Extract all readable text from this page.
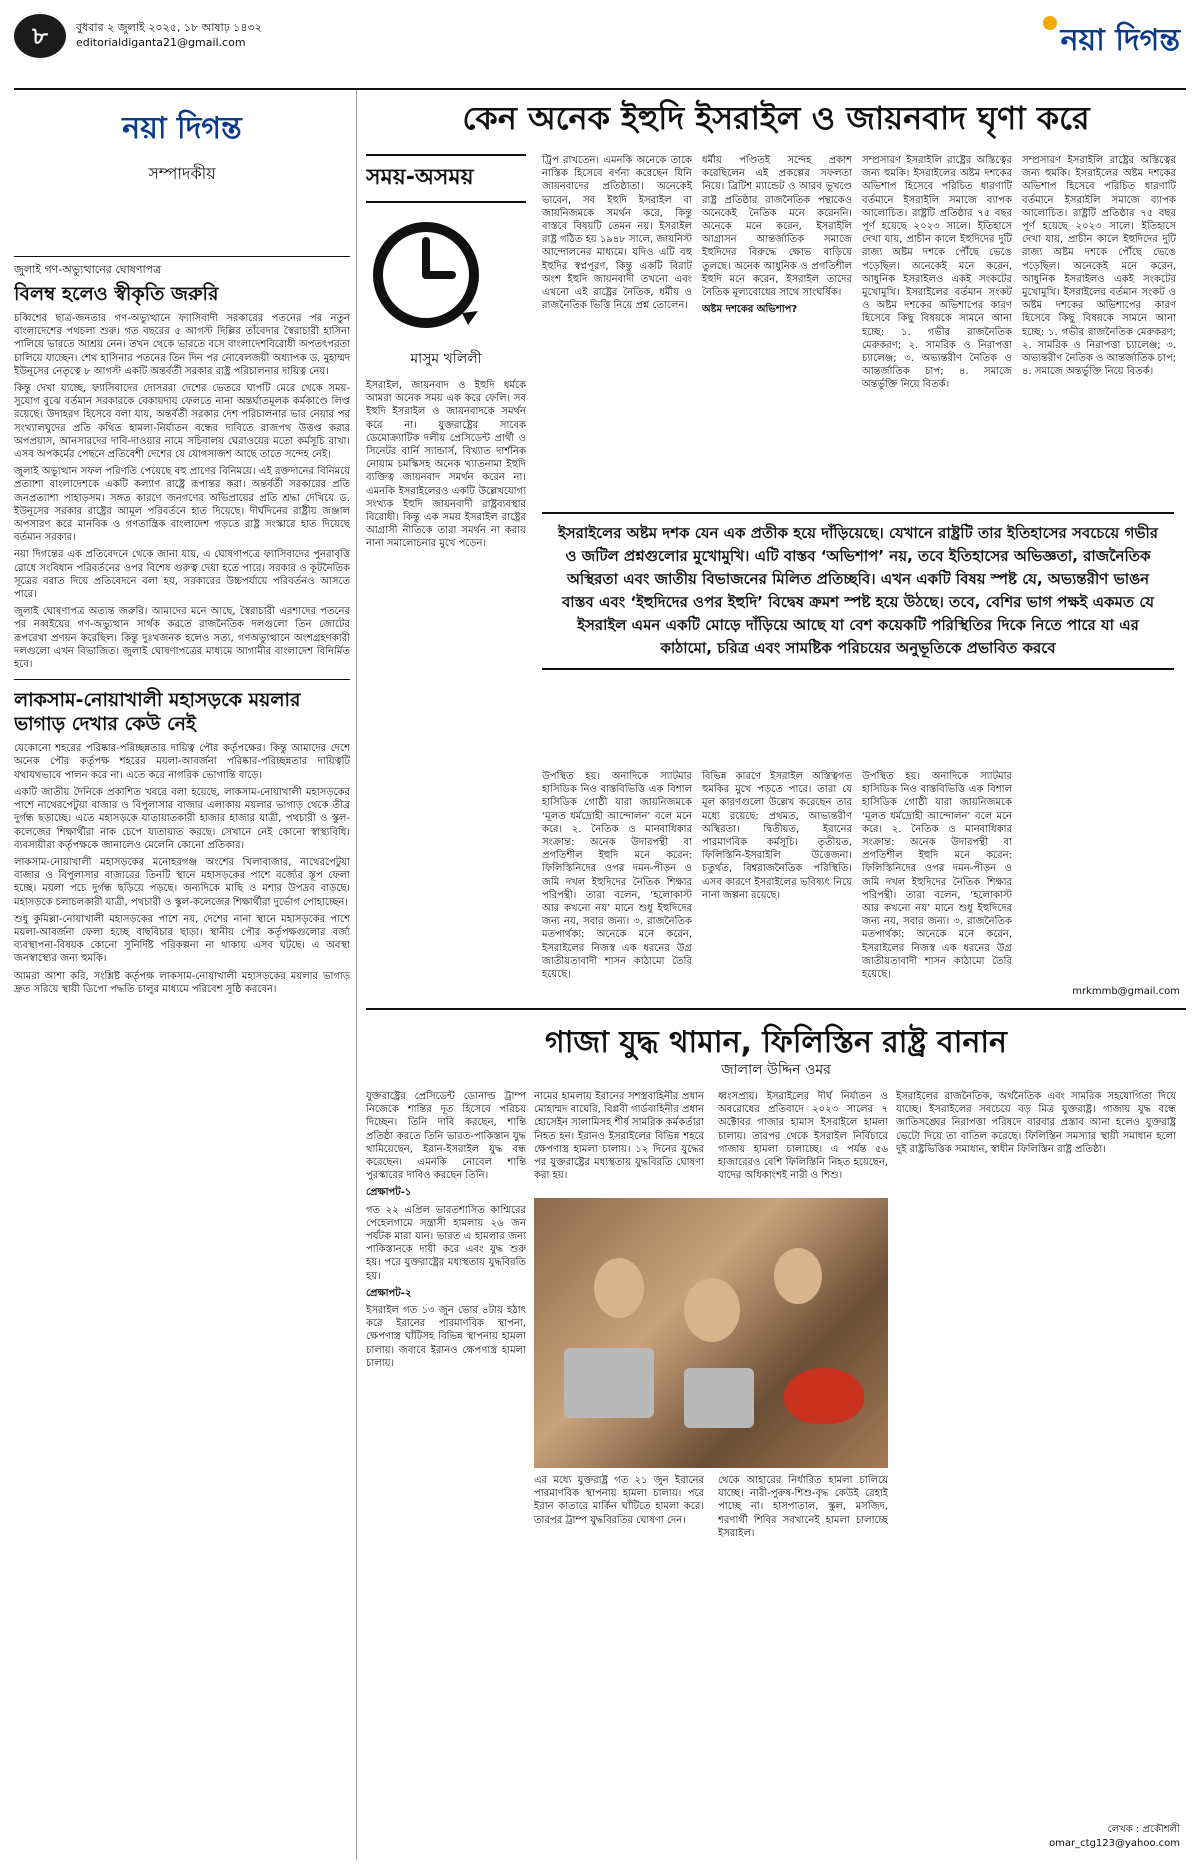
৮	বুধবার ২ জুলাই ২০২৫, ১৮ আষাঢ় ১৪৩২
editorialdiganta21@gmail.com	নয়া দিগন্ত
নয়া দিগন্ত
সম্পাদকীয়
জুলাই গণ-অভ্যুত্থানের ঘোষণাপত্র
বিলম্ব হলেও স্বীকৃতি জরুরি

চব্বিশের ছাত্র-জনতার গণ-অভ্যুত্থানে ফ্যাসিবাদী সরকারের পতনের পর নতুন বাংলাদেশের পথচলা শুরু। গত বছরের ৫ আগস্ট দিল্লির তাঁবেদার স্বৈরাচারী হাসিনা পালিয়ে ভারতে আশ্রয় নেন। তখন থেকে ভারতে বসে বাংলাদেশবিরোধী অপতৎপরতা চালিয়ে যাচ্ছেন। শেখ হাসিনার পতনের তিন দিন পর নোবেলজয়ী অধ্যাপক ড. মুহাম্মদ ইউনূসের নেতৃত্বে ৮ আগস্ট একটি অন্তর্বর্তী সরকার রাষ্ট্র পরিচালনার দায়িত্ব নেয়।

কিন্তু দেখা যাচ্ছে, ফ্যাসিবাদের দোসররা দেশের ভেতরে ঘাপটি মেরে থেকে সময়-সুযোগ বুঝে বর্তমান সরকারকে বেকায়দায় ফেলতে নানা অন্তর্ঘাতমূলক কর্মকাণ্ডে লিপ্ত রয়েছে। উদাহরণ হিসেবে বলা যায়, অন্তর্বর্তী সরকার দেশ পরিচালনার ভার নেয়ার পর সংখ্যালঘুদের প্রতি কথিত হামলা-নির্যাতন বন্ধের দাবিতে রাজপথ উত্তপ্ত করার অপপ্রয়াস, আনসারদের দাবি-দাওয়ার নামে সচিবালয় ঘেরাওয়ের মতো কর্মসূচি রাখা। এসব অপকর্মের পেছনে প্রতিবেশী দেশের যে যোগসাজশ আছে তাতে সন্দেহ নেই।

জুলাই অভ্যুত্থান সফল পরিণতি পেয়েছে বহু প্রাণের বিনিময়ে। এই রক্তদানের বিনিময়ে প্রত্যাশা বাংলাদেশকে একটি কল্যাণ রাষ্ট্রে রূপান্তর করা। অন্তর্বর্তী সরকারের প্রতি জনপ্রত্যাশা পাহাড়সম। সঙ্গত কারণে জনগণের অভিপ্রায়ের প্রতি শ্রদ্ধা দেখিয়ে ড. ইউনূসের সরকার রাষ্ট্রের আমূল পরিবর্তনে হাত দিয়েছে। দীর্ঘদিনের রাষ্ট্রীয় জঞ্জাল অপসারণ করে মানবিক ও গণতান্ত্রিক বাংলাদেশ গড়তে রাষ্ট্র সংস্কারে হাত দিয়েছে বর্তমান সরকার।

নয়া দিগন্তের এক প্রতিবেদনে থেকে জানা যায়, এ ঘোষণাপত্রে ফ্যাসিবাদের পুনরাবৃত্তি রোধে সংবিধান পরিবর্তনের ওপর বিশেষ গুরুত্ব দেয়া হতে পারে। সরকার ও কূটনৈতিক সূত্রের বরাত দিয়ে প্রতিবেদনে বলা হয়, সরকারের উচ্চপর্যায়ে পরিবর্তনও আসতে পারে।

জুলাই ঘোষণাপত্র অত্যন্ত জরুরি। আমাদের মনে আছে, স্বৈরাচারী এরশাদের পতনের পর নব্বইয়ের গণ-অভ্যুত্থান সার্থক করতে রাজনৈতিক দলগুলো তিন জোটের রূপরেখা প্রণয়ন করেছিল। কিন্তু দুঃখজনক হলেও সত্য, গণঅভ্যুত্থানে অংশগ্রহণকারী দলগুলো এখন বিভাজিত। জুলাই ঘোষণাপত্রের মাধ্যমে আগামীর বাংলাদেশ বিনির্মিত হবে।

লাকসাম-নোয়াখালী মহাসড়কে ময়লার ভাগাড় দেখার কেউ নেই

যেকোনো শহরের পরিষ্কার-পরিচ্ছন্নতার দায়িত্ব পৌর কর্তৃপক্ষের। কিন্তু আমাদের দেশে অনেক পৌর কর্তৃপক্ষ শহরের ময়লা-আবর্জনা পরিষ্কার-পরিচ্ছন্নতার দায়িত্বটি যথাযথভাবে পালন করে না। এতে করে নাগরিক ভোগান্তি বাড়ে।

একটি জাতীয় দৈনিকে প্রকাশিত খবরে বলা হয়েছে, লাকসাম-নোয়াখালী মহাসড়কের পাশে নাথেরপেটুয়া বাজার ও বিপুলাসার বাজার এলাকায় ময়লার ভাগাড় থেকে তীব্র দুর্গন্ধ ছড়াচ্ছে। এতে মহাসড়কে যাতায়াতকারী হাজার হাজার যাত্রী, পথচারী ও স্কুল-কলেজের শিক্ষার্থীরা নাক চেপে যাতায়াত করছে। সেখানে নেই কোনো স্বাস্থ্যবিধি। ব্যবসায়ীরা কর্তৃপক্ষকে জানালেও মেলেনি কোনো প্রতিকার।

লাকসাম-নোয়াখালী মহাসড়কের মনোহরগঞ্জ অংশের খিলাবাজার, নাথেরপেটুয়া বাজার ও বিপুলাসার বাজারের তিনটি স্থানে মহাসড়কের পাশে বর্জ্যের স্তূপ ফেলা হচ্ছে। ময়লা পচে দুর্গন্ধ ছড়িয়ে পড়ছে। অন্যদিকে মাছি ও মশার উপদ্রব বাড়ছে। মহাসড়কে চলাচলকারী যাত্রী, পথচারী ও স্কুল-কলেজের শিক্ষার্থীরা দুর্ভোগ পোহাচ্ছেন।

শুধু কুমিল্লা-নোয়াখালী মহাসড়কের পাশে নয়, দেশের নানা স্থানে মহাসড়কের পাশে ময়লা-আবর্জনা ফেলা হচ্ছে বাছবিচার ছাড়া। স্থানীয় পৌর কর্তৃপক্ষগুলোর বর্জ্য ব্যবস্থাপনা-বিষয়ক কোনো সুনির্দিষ্ট পরিকল্পনা না থাকায় এসব ঘটছে। এ অবস্থা জনস্বাস্থ্যের জন্য হুমকি।

আমরা আশা করি, সংশ্লিষ্ট কর্তৃপক্ষ লাকসাম-নোয়াখালী মহাসড়কের ময়লার ভাগাড় দ্রুত সরিয়ে স্থায়ী ডিপো পদ্ধতি চালুর মাধ্যমে পরিবেশ সুষ্ঠি করবেন।

কেন অনেক ইহুদি ইসরাইল ও জায়নবাদ ঘৃণা করে
সময়-অসময়
মাসুম খলিলী

ইসরাইল, জায়নবাদ ও ইহুদি ধর্মকে আমরা অনেক সময় এক করে ফেলি। সব ইহুদি ইসরাইল ও জায়নবাদকে সমর্থন করে না। যুক্তরাষ্ট্রের সাবেক ডেমোক্র্যাটিক দলীয় প্রেসিডেন্ট প্রার্থী ও সিনেটর বার্নি স্যান্ডার্স, বিখ্যাত দার্শনিক নোয়াম চমস্কিসহ অনেক খ্যাতনামা ইহুদি ব্যক্তিত্ব জায়নবাদ সমর্থন করেন না। এমনকি ইসরাইলেরও একটি উল্লেখযোগ্য সংখ্যক ইহুদি জায়নবাদী রাষ্ট্রব্যবস্থার বিরোধী। কিন্তু এক সময় ইসরাইল রাষ্ট্রের আগ্রাসী নীতিকে তারা সমর্থন না করায় নানা সমালোচনার মুখে পড়েন।

ট্রিপ রাখতেন। এমনকি অনেকে তাকে নাস্তিক হিসেবে বর্ণনা করেছেন যিনি জায়নবাদের প্রতিষ্ঠাতা। অনেকেই ভাবেন, সব ইহুদি ইসরাইল বা জায়নিজমকে সমর্থন করে, কিন্তু বাস্তবে বিষয়টি তেমন নয়। ইসরাইল রাষ্ট্র গঠিত হয় ১৯৪৮ সালে, জায়নিস্ট আন্দোলনের মাধ্যমে। যদিও এটি বহু ইহুদির স্বপ্নপূরণ, কিন্তু একটি বিরাট অংশ ইহুদি জায়নবাদী তখনো এবং এখনো এই রাষ্ট্রের নৈতিক, ধর্মীয় ও রাজনৈতিক ভিত্তি নিয়ে প্রশ্ন তোলেন।

ধর্মীয় পণ্ডিতই সন্দেহ প্রকাশ করেছিলেন এই প্রকল্পের সফলতা নিয়ে। ব্রিটিশ ম্যান্ডেট ও আরব ভূখণ্ডে রাষ্ট্র প্রতিষ্ঠার রাজনৈতিক পন্থাকেও অনেকেই নৈতিক মনে করেননি। অনেকে মনে করেন, ইসরাইলি আগ্রাসন আন্তর্জাতিক সমাজে ইহুদিদের বিরুদ্ধে ক্ষোভ বাড়িয়ে তুলছে। অনেক আধুনিক ও প্রগতিশীল ইহুদি মনে করেন, ইসরাইল তাদের নৈতিক মূল্যবোধের সাথে সাংঘর্ষিক।

অষ্টম দশকের অভিশাপ?

সম্প্রসারণ ইসরাইলি রাষ্ট্রের অস্তিত্বের জন্য হুমকি। ইসরাইলের অষ্টম দশকের অভিশাপ হিসেবে পরিচিত ধারণাটি বর্তমানে ইসরাইলি সমাজে ব্যাপক আলোচিত। রাষ্ট্রটি প্রতিষ্ঠার ৭৫ বছর পূর্ণ হয়েছে ২০২৩ সালে। ইতিহাসে দেখা যায়, প্রাচীন কালে ইহুদিদের দুটি রাজ্য অষ্টম দশকে পৌঁছে ভেঙে পড়েছিল। অনেকেই মনে করেন, আধুনিক ইসরাইলও একই সংকটের মুখোমুখি। ইসরাইলের বর্তমান সংকট ও অষ্টম দশকের অভিশাপের কারণ হিসেবে কিছু বিষয়কে সামনে আনা হচ্ছে: ১. গভীর রাজনৈতিক মেরুকরণ; ২. সামরিক ও নিরাপত্তা চ্যালেঞ্জ; ৩. অভ্যন্তরীণ নৈতিক ও আন্তর্জাতিক চাপ; ৪. সমাজে অন্তর্ভুক্তি নিয়ে বিতর্ক।

সম্প্রসারণ ইসরাইলি রাষ্ট্রের অস্তিত্বের জন্য হুমকি। ইসরাইলের অষ্টম দশকের অভিশাপ হিসেবে পরিচিত ধারণাটি বর্তমানে ইসরাইলি সমাজে ব্যাপক আলোচিত। রাষ্ট্রটি প্রতিষ্ঠার ৭৫ বছর পূর্ণ হয়েছে ২০২৩ সালে। ইতিহাসে দেখা যায়, প্রাচীন কালে ইহুদিদের দুটি রাজ্য অষ্টম দশকে পৌঁছে ভেঙে পড়েছিল। অনেকেই মনে করেন, আধুনিক ইসরাইলও একই সংকটের মুখোমুখি। ইসরাইলের বর্তমান সংকট ও অষ্টম দশকের অভিশাপের কারণ হিসেবে কিছু বিষয়কে সামনে আনা হচ্ছে: ১. গভীর রাজনৈতিক মেরুকরণ; ২. সামরিক ও নিরাপত্তা চ্যালেঞ্জ; ৩. অভ্যন্তরীণ নৈতিক ও আন্তর্জাতিক চাপ; ৪. সমাজে অন্তর্ভুক্তি নিয়ে বিতর্ক।

ইসরাইলের অষ্টম দশক যেন এক প্রতীক হয়ে দাঁড়িয়েছে। যেখানে রাষ্ট্রটি তার ইতিহাসের সবচেয়ে গভীর ও জটিল প্রশ্নগুলোর মুখোমুখি। এটি বাস্তব ‘অভিশাপ’ নয়, তবে ইতিহাসের অভিজ্ঞতা, রাজনৈতিক অস্থিরতা এবং জাতীয় বিভাজনের মিলিত প্রতিচ্ছবি। এখন একটি বিষয় স্পষ্ট যে, অভ্যন্তরীণ ভাঙন বাস্তব এবং ‘ইহুদিদের ওপর ইহুদি’ বিদ্বেষ ক্রমশ স্পষ্ট হয়ে উঠছে। তবে, বেশির ভাগ পক্ষই একমত যে ইসরাইল এমন একটি মোড়ে দাঁড়িয়ে আছে যা বেশ কয়েকটি পরিস্থিতির দিকে নিতে পারে যা এর কাঠামো, চরিত্র এবং সামষ্টিক পরিচয়ের অনুভূতিকে প্রভাবিত করবে

উপস্থিত হয়। অনাদিকে স্যাটমার হাসিডিক নিও বাস্তবিভিত্তি এক বিশাল হাসিডিক গোষ্ঠী যারা জায়নিজমকে ‘মূলত ধর্মদ্রোহী আন্দোলন’ বলে মনে করে। ২. নৈতিক ও মানবাধিকার সংক্রান্ত: অনেক উদারপন্থী বা প্রগতিশীল ইহুদি মনে করেন: ফিলিস্তিনিদের ওপর দমন-পীড়ন ও জমি দখল ইহুদিদের নৈতিক শিক্ষার পরিপন্থী। তারা বলেন, ‘হলোকাস্ট আর কখনো নয়’ মানে শুধু ইহুদিদের জন্য নয়, সবার জন্য। ৩. রাজনৈতিক মতপার্থক্য: অনেকে মনে করেন, ইসরাইলের নিজস্ব এক ধরনের উগ্র জাতীয়তাবাদী শাসন কাঠামো তৈরি হয়েছে।

বিভিন্ন কারণে ইসরাইল অস্তিত্বগত হুমকির মুখে পড়তে পারে। তারা যে মূল কারণগুলো উল্লেখ করেছেন তার মধ্যে রয়েছে: প্রথমত, আভ্যন্তরীণ অস্থিরতা। দ্বিতীয়ত, ইরানের পারমাণবিক কর্মসূচি। তৃতীয়ত, ফিলিস্তিনি-ইসরাইলি উত্তেজনা। চতুর্থত, বিশ্বরাজনৈতিক পরিস্থিতি। এসব কারণে ইসরাইলের ভবিষ্যৎ নিয়ে নানা জল্পনা রয়েছে।

উপস্থিত হয়। অনাদিকে স্যাটমার হাসিডিক নিও বাস্তবিভিত্তি এক বিশাল হাসিডিক গোষ্ঠী যারা জায়নিজমকে ‘মূলত ধর্মদ্রোহী আন্দোলন’ বলে মনে করে। ২. নৈতিক ও মানবাধিকার সংক্রান্ত: অনেক উদারপন্থী বা প্রগতিশীল ইহুদি মনে করেন: ফিলিস্তিনিদের ওপর দমন-পীড়ন ও জমি দখল ইহুদিদের নৈতিক শিক্ষার পরিপন্থী। তারা বলেন, ‘হলোকাস্ট আর কখনো নয়’ মানে শুধু ইহুদিদের জন্য নয়, সবার জন্য। ৩. রাজনৈতিক মতপার্থক্য: অনেকে মনে করেন, ইসরাইলের নিজস্ব এক ধরনের উগ্র জাতীয়তাবাদী শাসন কাঠামো তৈরি হয়েছে।

mrkmmb@gmail.com
গাজা যুদ্ধ থামান, ফিলিস্তিন রাষ্ট্র বানান
জালাল উদ্দিন ওমর

যুক্তরাষ্ট্রের প্রেসিডেন্ট ডোনাল্ড ট্রাম্প নিজেকে শান্তির দূত হিসেবে পরিচয় দিচ্ছেন। তিনি দাবি করছেন, শান্তি প্রতিষ্ঠা করতে তিনি ভারত-পাকিস্তান যুদ্ধ থামিয়েছেন, ইরান-ইসরাইল যুদ্ধ বন্ধ করেছেন। এমনকি নোবেল শান্তি পুরস্কারের দাবিও করছেন তিনি।

প্রেক্ষাপট-১

গত ২২ এপ্রিল ভারতশাসিত কাশ্মিরের পেহেলগামে সন্ত্রাসী হামলায় ২৬ জন পর্যটক মারা যান। ভারত এ হামলার জন্য পাকিস্তানকে দায়ী করে এবং যুদ্ধ শুরু হয়। পরে যুক্তরাষ্ট্রের মধ্যস্থতায় যুদ্ধবিরতি হয়।

প্রেক্ষাপট-২

ইসরাইল গত ১৩ জুন ভোর ৪টায় হঠাৎ করে ইরানের পারমাণবিক স্থাপনা, ক্ষেপণাস্ত্র ঘাঁটিসহ বিভিন্ন স্থাপনায় হামলা চালায়। জবাবে ইরানও ক্ষেপণাস্ত্র হামলা চালায়।

নামের হামলায় ইরানের সশস্ত্রবাহিনীর প্রধান মোহাম্মদ বাঘেরি, বিপ্লবী গার্ডবাহিনীর প্রধান হোসেইন সালামিসহ শীর্ষ সামরিক কর্মকর্তারা নিহত হন। ইরানও ইসরাইলের বিভিন্ন শহরে ক্ষেপণাস্ত্র হামলা চালায়। ১২ দিনের যুদ্ধের পর যুক্তরাষ্ট্রের মধ্যস্থতায় যুদ্ধবিরতি ঘোষণা করা হয়।

ধ্বংসপ্রায়। ইসরাইলের দীর্ঘ নির্যাতন ও অবরোধের প্রতিবাদে ২০২৩ সালের ৭ অক্টোবর গাজার হামাস ইসরাইলে হামলা চালায়। তারপর থেকে ইসরাইল নির্বিচারে গাজায় হামলা চালাচ্ছে। এ পর্যন্ত ৫৬ হাজারেরও বেশি ফিলিস্তিনি নিহত হয়েছেন, যাদের অধিকাংশই নারী ও শিশু।

এর মধ্যে যুক্তরাষ্ট্র গত ২১ জুন ইরানের পারমাণবিক স্থাপনায় হামলা চালায়। পরে ইরান কাতারে মার্কিন ঘাঁটিতে হামলা করে। তারপর ট্রাম্প যুদ্ধবিরতির ঘোষণা দেন।

থেকে আহারের নির্ধারিত হামলা চালিয়ে যাচ্ছে। নারী-পুরুষ-শিশু-বৃদ্ধ কেউই রেহাই পাচ্ছে না। হাসপাতাল, স্কুল, মসজিদ, শরণার্থী শিবির সবখানেই হামলা চালাচ্ছে ইসরাইল।

ইসরাইলের রাজনৈতিক, অর্থনৈতিক এবং সামরিক সহযোগিতা দিয়ে যাচ্ছে। ইসরাইলের সবচেয়ে বড় মিত্র যুক্তরাষ্ট্র। গাজায় যুদ্ধ বন্ধে জাতিসঙ্ঘের নিরাপত্তা পরিষদে বারবার প্রস্তাব আনা হলেও যুক্তরাষ্ট্র ভেটো দিয়ে তা বাতিল করেছে। ফিলিস্তিন সমস্যার স্থায়ী সমাধান হলো দুই রাষ্ট্রভিত্তিক সমাধান, স্বাধীন ফিলিস্তিন রাষ্ট্র প্রতিষ্ঠা।

লেখক : প্রকৌশলী
omar_ctg123@yahoo.com
